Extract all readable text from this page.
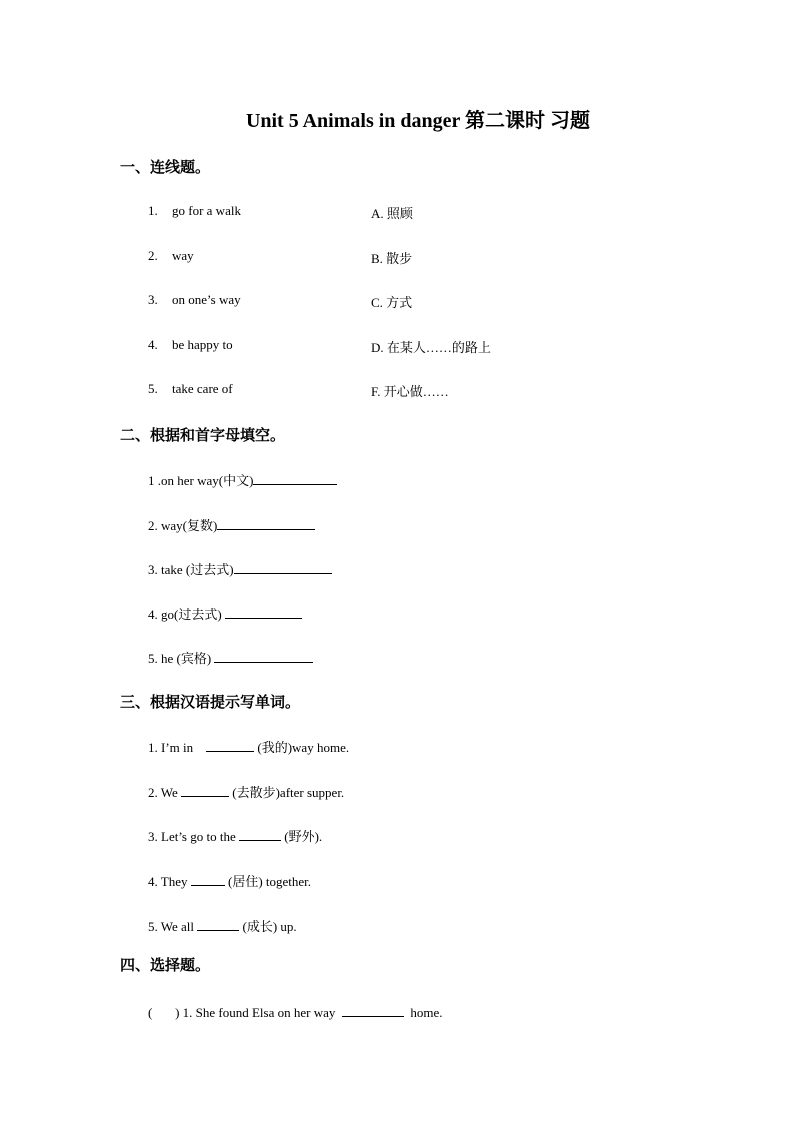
Unit 5 Animals in danger 第二课时 习题
一、连线题。
1. go for a walk	A. 照顾
2. way	B. 散步
3. on one’s way	C. 方式
4. be happy to	D. 在某人……的路上
5. take care of	F. 开心做……
二、根据和首字母填空。
1 .on her way(中文)
2. way(复数)
3. take (过去式)
4. go(过去式)
5. he (宾格)
三、根据汉语提示写单词。
1. I’m in	(我的)way home.
2. We	(去散步)after supper.
3. Let’s go to the	(野外).
4. They	(居住) together.
5. We all	(成长) up.
四、选择题。
(       ) 1. She found Elsa on her way	home.
